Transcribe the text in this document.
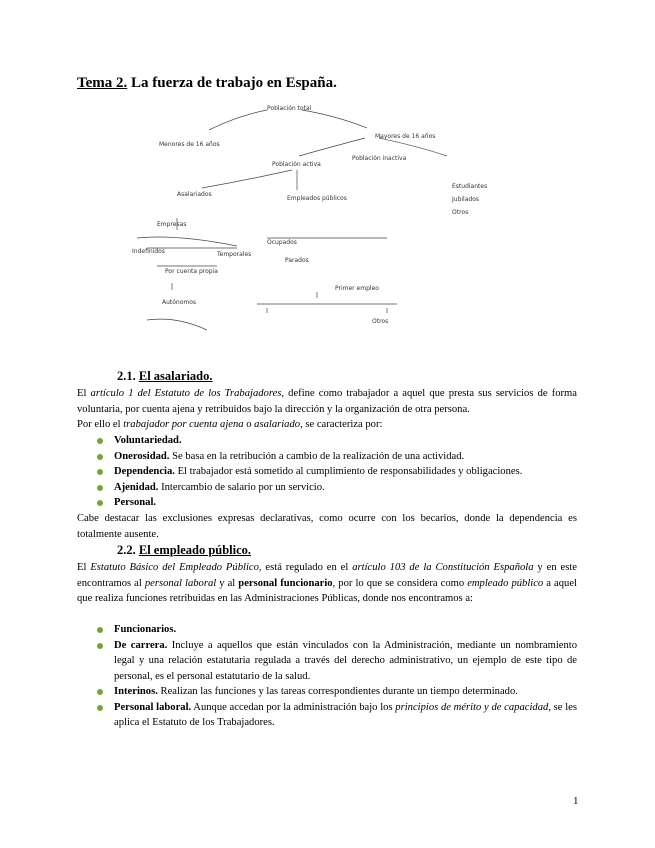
Tema 2. La fuerza de trabajo en España.
Población total
Menores de 16 años
Mayores de 16 años
Población activa
Población inactiva
Asalariados
Empleados públicos
Empresas
Indefinidos	Temporales
Por cuenta propia
Autónomos
Ocupados
Parados
Primer empleo
Otros
Estudiantes
Jubilados
Otros
2.1. El asalariado.
El artículo 1 del Estatuto de los Trabajadores, define como trabajador a aquel que presta sus servicios de forma voluntaria, por cuenta ajena y retribuidos bajo la dirección y la organización de otra persona.
Por ello el trabajador por cuenta ajena o asalariado, se caracteriza por:
Voluntariedad.
Onerosidad. Se basa en la retribución a cambio de la realización de una actividad.
Dependencia. El trabajador está sometido al cumplimiento de responsabilidades y obligaciones.
Ajenidad. Intercambio de salario por un servicio.
Personal.
Cabe destacar las exclusiones expresas declarativas, como ocurre con los becarios, donde la dependencia es totalmente ausente.
2.2. El empleado público.
El Estatuto Básico del Empleado Público, está regulado en el artículo 103 de la Constitución Española y en este encontramos al personal laboral y al personal funcionario, por lo que se considera como empleado público a aquel que realiza funciones retribuidas en las Administraciones Públicas, donde nos encontramos a:
Funcionarios.
De carrera. Incluye a aquellos que están vinculados con la Administración, mediante un nombramiento legal y una relación estatutaria regulada a través del derecho administrativo, un ejemplo de este tipo de personal, es el personal estatutario de la salud.
Interinos. Realizan las funciones y las tareas correspondientes durante un tiempo determinado.
Personal laboral. Aunque accedan por la administración bajo los principios de mérito y de capacidad, se les aplica el Estatuto de los Trabajadores.
1
